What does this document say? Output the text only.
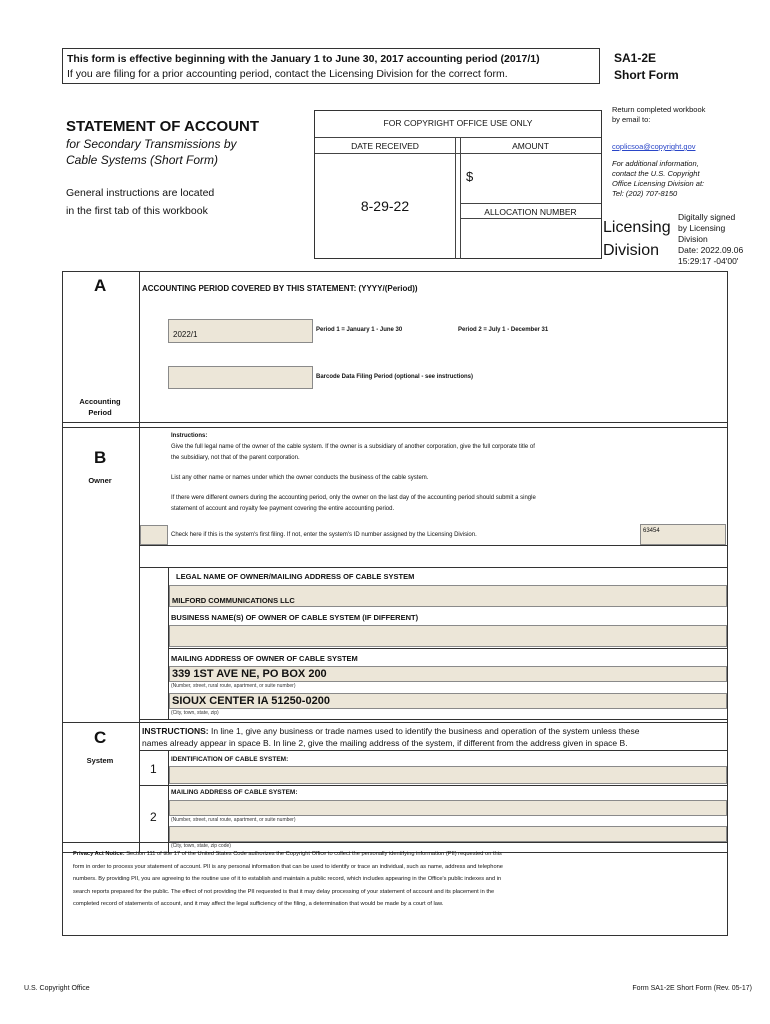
This form is effective beginning with the January 1 to June 30, 2017 accounting period (2017/1)
If you are filing for a prior accounting period, contact the Licensing Division for the correct form.
SA1-2E
Short Form
Return completed workbook
by email to:
coplicsoa@copyright.gov
For additional information,
contact the U.S. Copyright
Office Licensing Division at:
Tel: (202) 707-8150
STATEMENT OF ACCOUNT
for Secondary Transmissions by
Cable Systems (Short Form)
General instructions are located
in the first tab of this workbook
FOR COPYRIGHT OFFICE USE ONLY
DATE RECEIVED	AMOUNT
8-29-22
$
ALLOCATION NUMBER
Licensing
Division
Digitally signed
by Licensing
Division
Date: 2022.09.06
15:29:17 -04'00'
A
Accounting
Period
ACCOUNTING PERIOD COVERED BY THIS STATEMENT: (YYYY/(Period))
2022/1	Period 1 = January 1 - June 30	Period 2 = July 1 - December 31
Barcode Data Filing Period (optional - see instructions)
B
Owner
Instructions:
Give the full legal name of the owner of the cable system. If the owner is a subsidiary of another corporation, give the full corporate title of
the subsidiary, not that of the parent corporation.
List any other name or names under which the owner conducts the business of the cable system.
If there were different owners during the accounting period, only the owner on the last day of the accounting period should submit a single
statement of account and royalty fee payment covering the entire accounting period.
Check here if this is the system's first filing. If not, enter the system's ID number assigned by the Licensing Division.
63454
LEGAL NAME OF OWNER/MAILING ADDRESS OF CABLE SYSTEM
MILFORD COMMUNICATIONS LLC
BUSINESS NAME(S) OF OWNER OF CABLE SYSTEM (IF DIFFERENT)
MAILING ADDRESS OF OWNER OF CABLE SYSTEM
339 1ST AVE NE, PO BOX 200
(Number, street, rural route, apartment, or suite number)
SIOUX CENTER IA 51250-0200
(City, town, state, zip)
C
System
INSTRUCTIONS: In line 1, give any business or trade names used to identify the business and operation of the system unless these
names already appear in space B. In line 2, give the mailing address of the system, if different from the address given in space B.
1
IDENTIFICATION OF CABLE SYSTEM:
MAILING ADDRESS OF CABLE SYSTEM:
2	(Number, street, rural route, apartment, or suite number)
(City, town, state, zip code)
Privacy Act Notice: Section 111 of title 17 of the United States Code authorizes the Copyright Office to collect the personally identifying information (PII) requested on this
form in order to process your statement of account. PII is any personal information that can be used to identify or trace an individual, such as name, address and telephone
numbers. By providing PII, you are agreeing to the routine use of it to establish and maintain a public record, which includes appearing in the Office's public indexes and in
search reports prepared for the public. The effect of not providing the PII requested is that it may delay processing of your statement of account and its placement in the
completed record of statements of account, and it may affect the legal sufficiency of the filing, a determination that would be made by a court of law.
U.S. Copyright Office	Form SA1-2E Short Form (Rev. 05-17)
